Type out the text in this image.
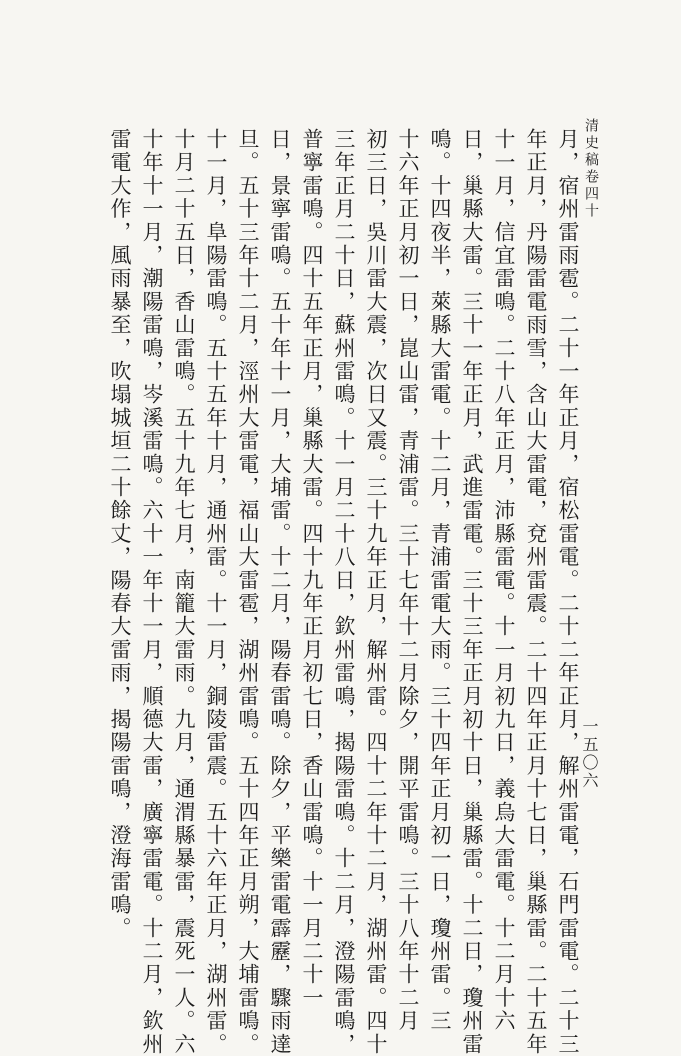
清史稿卷四十
一五〇六
月，宿州雷雨雹。二十一年正月，宿松雷電。二十二年正月，解州雷電，石門雷電。二十三
年正月，丹陽雷電雨雪，含山大雷電，兗州雷震。二十四年正月十七日，巢縣雷。二十五年
十一月，信宜雷鳴。二十八年正月，沛縣雷電。十一月初九日，義烏大雷電。十二月十六
日，巢縣大雷。三十一年正月，武進雷電。三十三年正月初十日，巢縣雷。十二日，瓊州雷
鳴。十四夜半，萊縣大雷電。十二月，青浦雷電大雨。三十四年正月初一日，瓊州雷。三
十六年正月初一日，崑山雷，青浦雷。三十七年十二月除夕，開平雷鳴。三十八年十二月
初三日，吳川雷大震，次日又震。三十九年正月，解州雷。四十二年十二月，湖州雷。四十
三年正月二十日，蘇州雷鳴。十一月二十八日，欽州雷鳴，揭陽雷鳴。十二月，澄陽雷鳴，
普寧雷鳴。四十五年正月，巢縣大雷。四十九年正月初七日，香山雷鳴。十一月二十一
日，景寧雷鳴。五十年十一月，大埔雷。十二月，陽春雷鳴。除夕，平樂雷電霹靂，驟雨達
旦。五十三年十二月，涇州大雷電，福山大雷雹，湖州雷鳴。五十四年正月朔，大埔雷鳴。
十一月，阜陽雷鳴。五十五年十月，通州雷。十一月，銅陵雷震。五十六年正月，湖州雷。
十月二十五日，香山雷鳴。五十九年七月，南籠大雷雨。九月，通渭縣暴雷，震死一人。六
十年十一月，潮陽雷鳴，岑溪雷鳴。六十一年十一月，順德大雷，廣寧雷電。十二月，欽州
雷電大作，風雨暴至，吹塌城垣二十餘丈，陽春大雷雨，揭陽雷鳴，澄海雷鳴。
